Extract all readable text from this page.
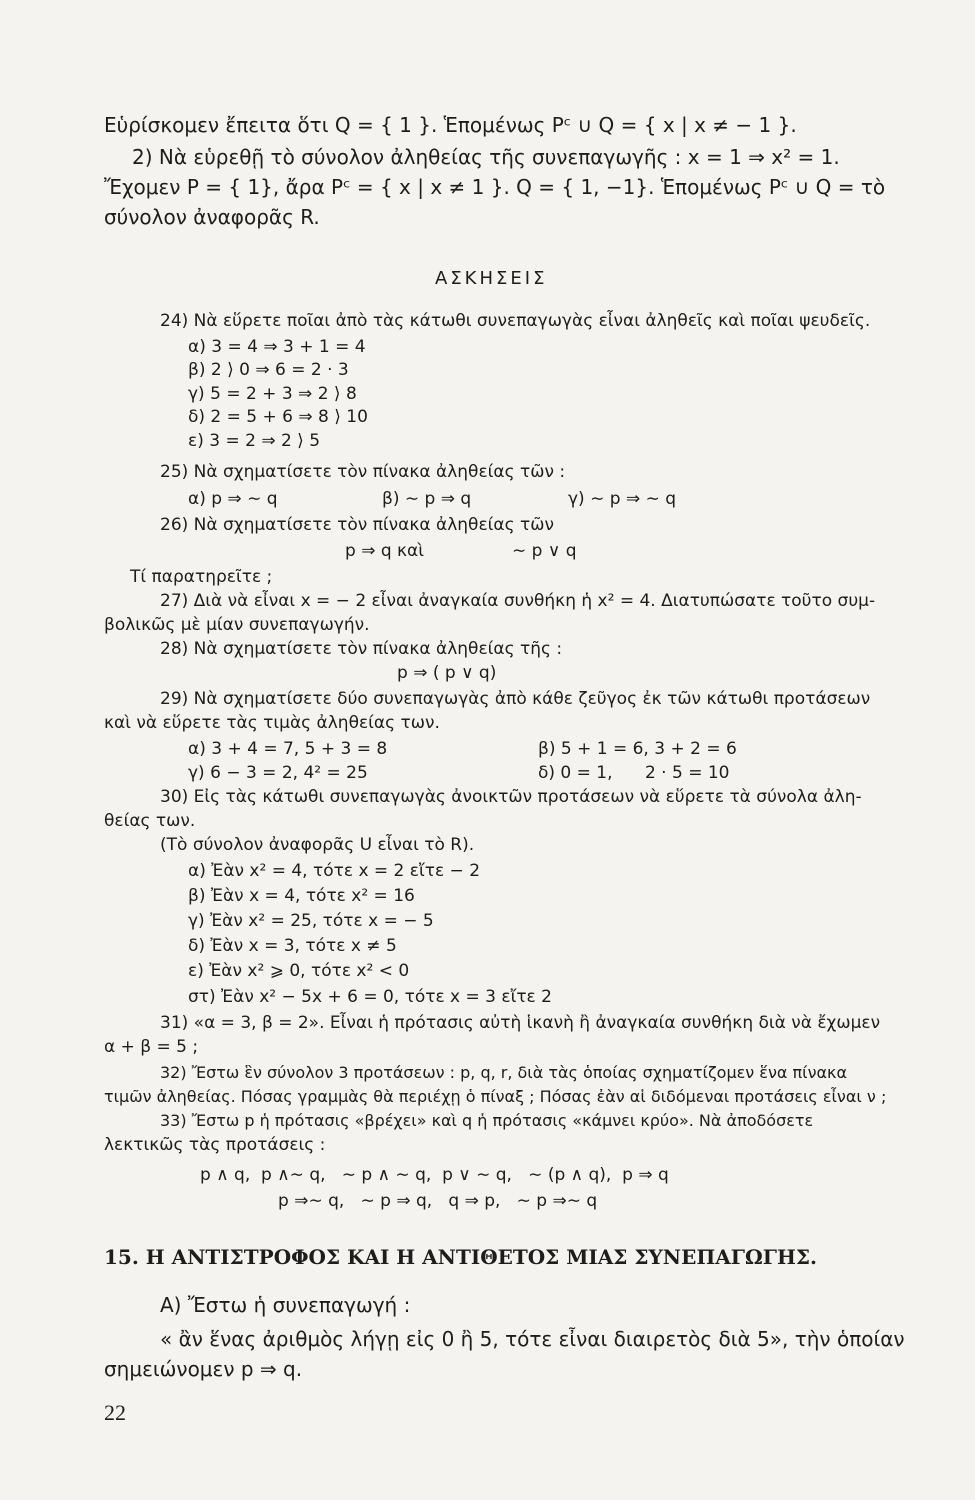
Εὑρίσκομεν ἔπειτα ὅτι Q = { 1 }. Ἑπομένως Pᶜ ∪ Q = { x | x ≠ − 1 }.
2) Νὰ εὑρεθῇ τὸ σύνολον ἀληθείας τῆς συνεπαγωγῆς : x = 1 ⇒ x² = 1.
Ἔχομεν P = { 1}, ἄρα Pᶜ = { x | x ≠ 1 }. Q = { 1, −1}. Ἑπομένως Pᶜ ∪ Q = τὸ
σύνολον ἀναφορᾶς R.
ΑΣΚΗΣΕΙΣ
24) Νὰ εὕρετε ποῖαι ἀπὸ τὰς κάτωθι συνεπαγωγὰς εἶναι ἀληθεῖς καὶ ποῖαι ψευδεῖς.
α) 3 = 4 ⇒ 3 + 1 = 4
β) 2 ⟩ 0 ⇒ 6 = 2 · 3
γ) 5 = 2 + 3 ⇒ 2 ⟩ 8
δ) 2 = 5 + 6 ⇒ 8 ⟩ 10
ε) 3 = 2 ⇒ 2 ⟩ 5
25) Νὰ σχηματίσετε τὸν πίνακα ἀληθείας τῶν :
α) p ⇒ ∼ q	β) ∼ p ⇒ q	γ) ∼ p ⇒ ∼ q
26) Νὰ σχηματίσετε τὸν πίνακα ἀληθείας τῶν
p ⇒ q καὶ	∼ p ∨ q
Τί παρατηρεῖτε ;
27) Διὰ νὰ εἶναι x = − 2 εἶναι ἀναγκαία συνθήκη ἡ x² = 4. Διατυπώσατε τοῦτο συμ-
βολικῶς μὲ μίαν συνεπαγωγήν.
28) Νὰ σχηματίσετε τὸν πίνακα ἀληθείας τῆς :
p ⇒ ( p ∨ q)
29) Νὰ σχηματίσετε δύο συνεπαγωγὰς ἀπὸ κάθε ζεῦγος ἐκ τῶν κάτωθι προτάσεων
καὶ νὰ εὕρετε τὰς τιμὰς ἀληθείας των.
α) 3 + 4 = 7, 5 + 3 = 8	β) 5 + 1 = 6, 3 + 2 = 6
γ) 6 − 3 = 2, 4² = 25	δ) 0 = 1,      2 · 5 = 10
30) Εἰς τὰς κάτωθι συνεπαγωγὰς ἀνοικτῶν προτάσεων νὰ εὕρετε τὰ σύνολα ἀλη-
θείας των.
(Τὸ σύνολον ἀναφορᾶς U εἶναι τὸ R).
α) Ἐὰν x² = 4, τότε x = 2 εἴτε − 2
β) Ἐὰν x = 4, τότε x² = 16
γ) Ἐὰν x² = 25, τότε x = − 5
δ) Ἐὰν x = 3, τότε x ≠ 5
ε) Ἐὰν x² ⩾ 0, τότε x² < 0
στ) Ἐὰν x² − 5x + 6 = 0, τότε x = 3 εἴτε 2
31) «α = 3, β = 2». Εἶναι ἡ πρότασις αὐτὴ ἱκανὴ ἢ ἀναγκαία συνθήκη διὰ νὰ ἔχωμεν
α + β = 5 ;
32) Ἔστω ἓν σύνολον 3 προτάσεων : p, q, r, διὰ τὰς ὁποίας σχηματίζομεν ἕνα πίνακα
τιμῶν ἀληθείας. Πόσας γραμμὰς θὰ περιέχῃ ὁ πίναξ ; Πόσας ἐὰν αἱ διδόμεναι προτάσεις εἶναι ν ;
33) Ἔστω p ἡ πρότασις «βρέχει» καὶ q ἡ πρότασις «κάμνει κρύο». Νὰ ἀποδόσετε
λεκτικῶς τὰς προτάσεις :
p ∧ q,  p ∧∼ q,   ∼ p ∧ ∼ q,  p ∨ ∼ q,   ∼ (p ∧ q),  p ⇒ q
p ⇒∼ q,   ∼ p ⇒ q,   q ⇒ p,   ∼ p ⇒∼ q
15. Η ΑΝΤΙΣΤΡΟΦΟΣ ΚΑΙ Η ΑΝΤΙΘΕΤΟΣ ΜΙΑΣ ΣΥΝΕΠΑΓΩΓΗΣ.
Α) Ἔστω ἡ συνεπαγωγή :
« ἂν ἕνας ἀριθμὸς λήγῃ εἰς 0 ἢ 5, τότε εἶναι διαιρετὸς διὰ 5», τὴν ὁποίαν
σημειώνομεν p ⇒ q.
22
